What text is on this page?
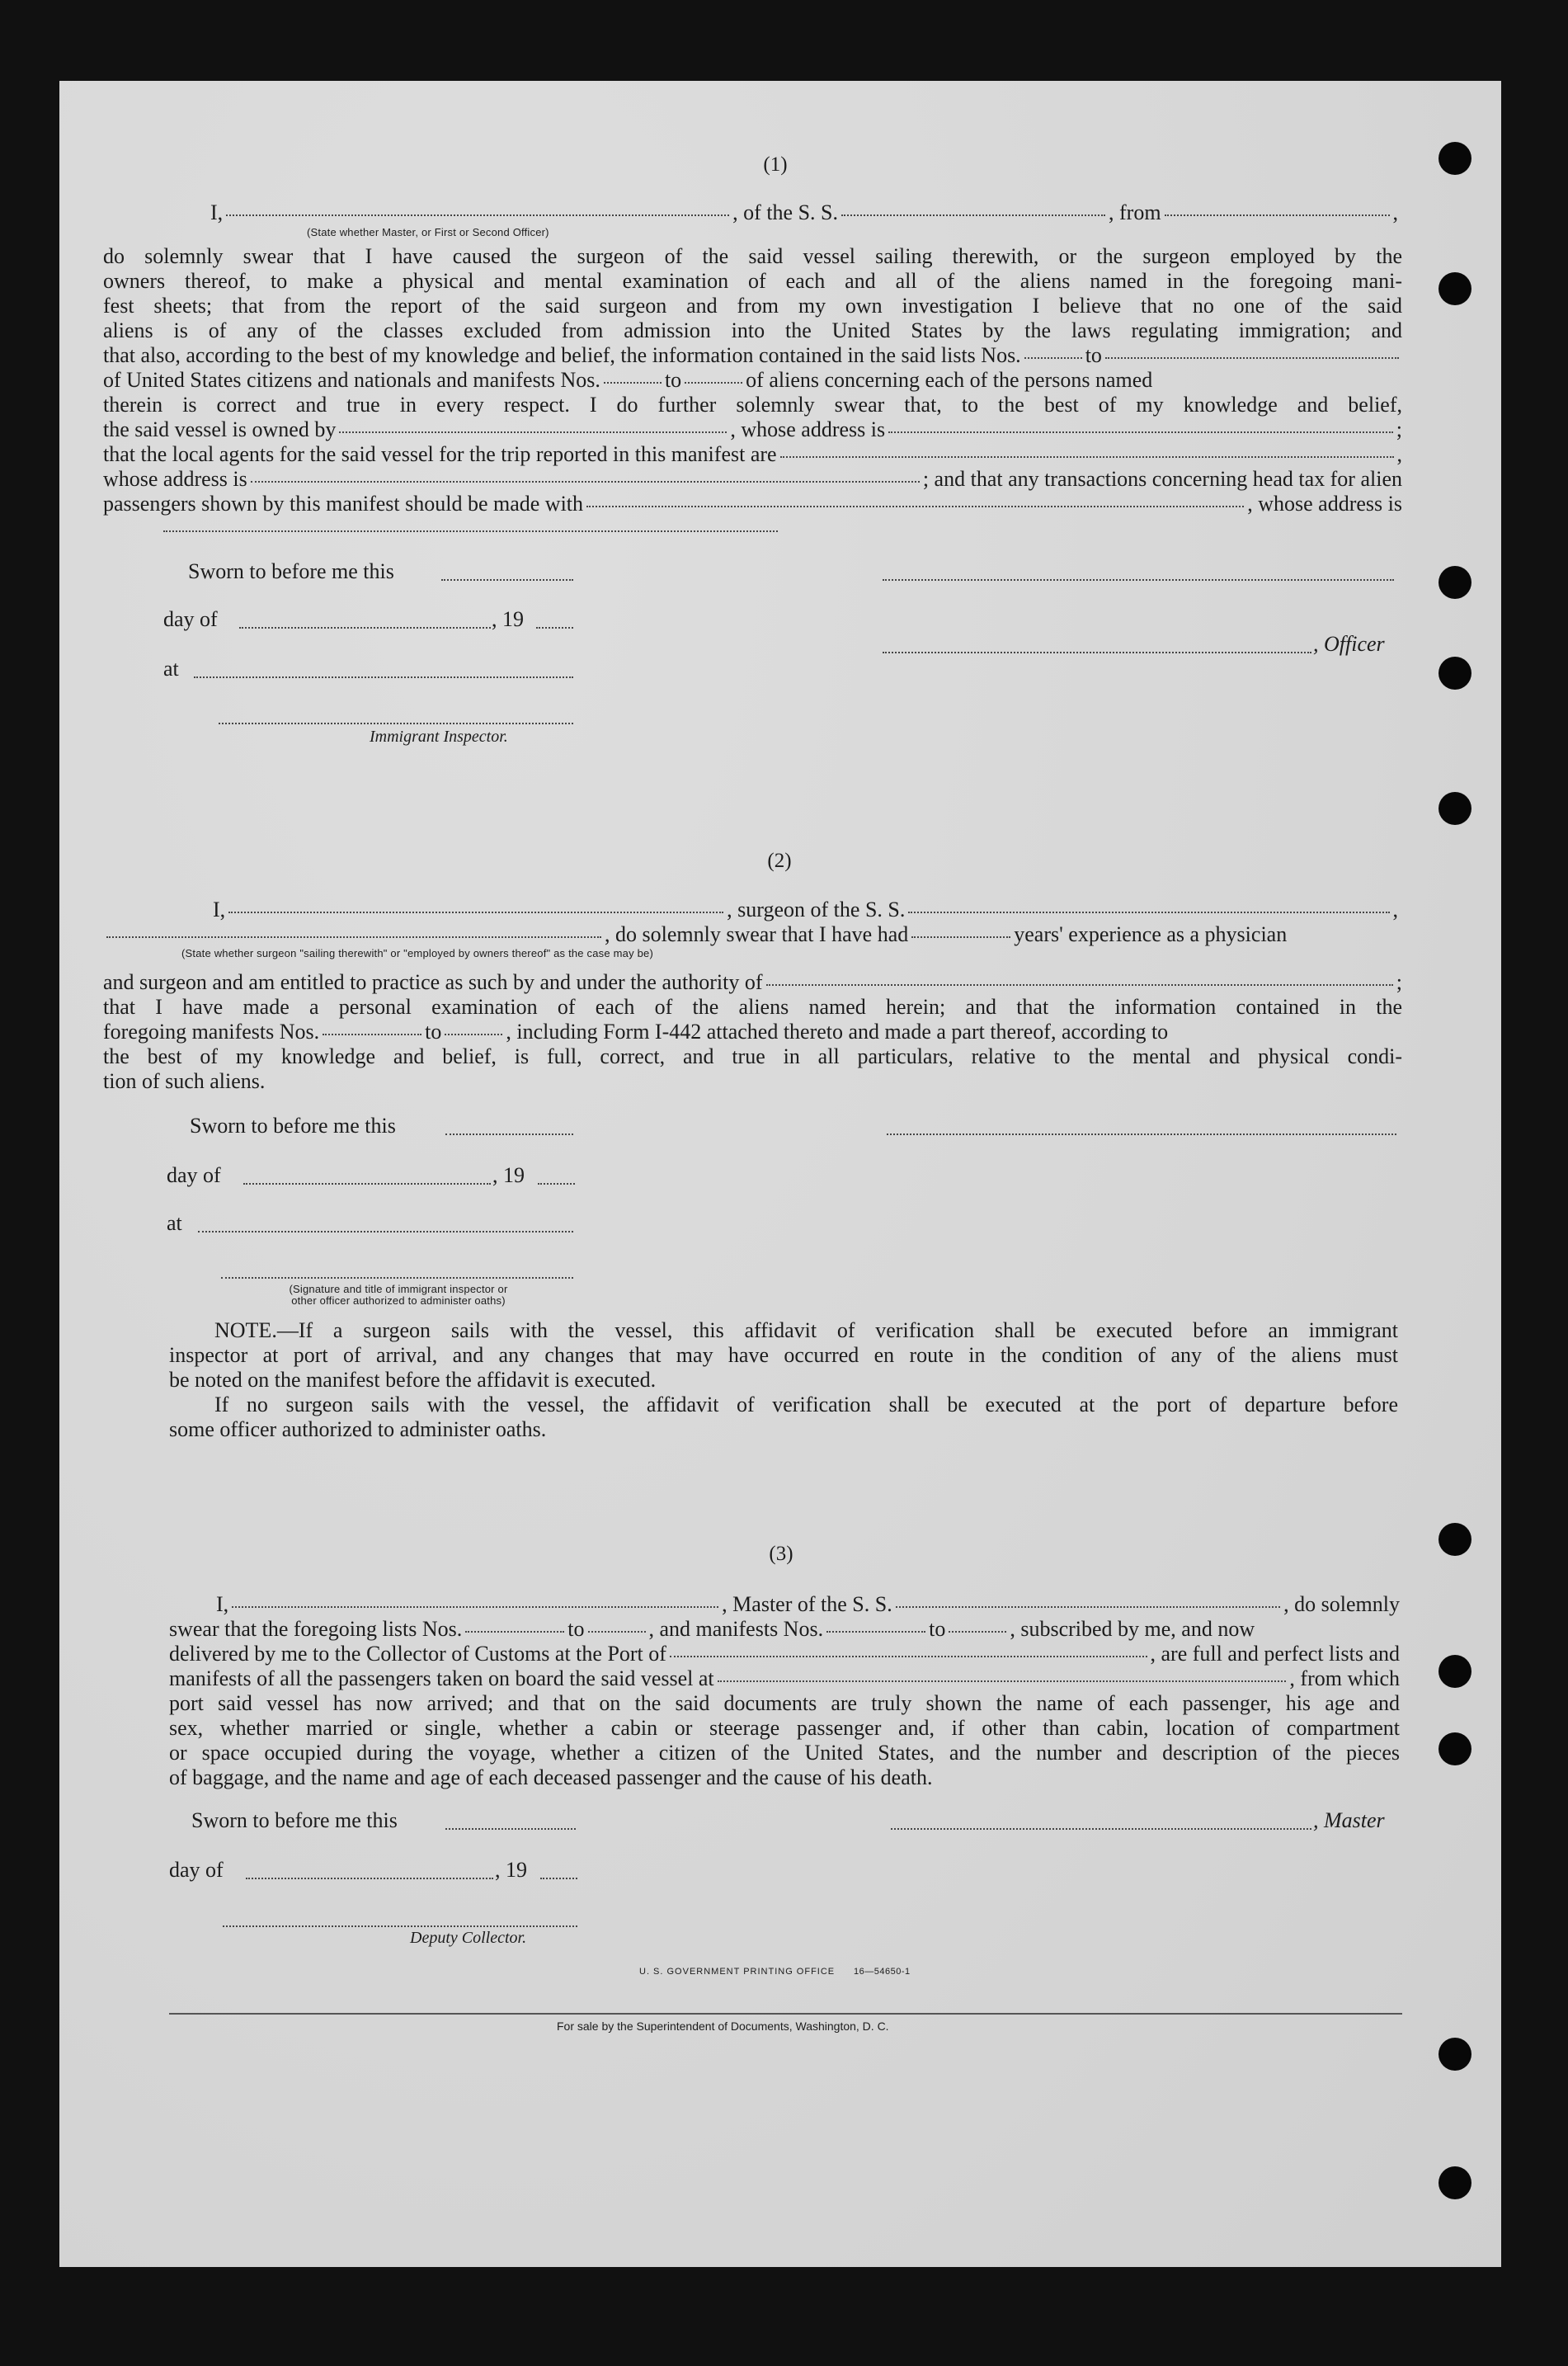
(1)
I,	, of the S. S.	, from	,
(State whether Master, or First or Second Officer)

do solemnly swear that I have caused the surgeon of the said vessel sailing therewith, or the surgeon employed by the

owners thereof, to make a physical and mental examination of each and all of the aliens named in the foregoing mani-

fest sheets; that from the report of the said surgeon and from my own investigation I believe that no one of the said

aliens is of any of the classes excluded from admission into the United States by the laws regulating immigration; and

that also, according to the best of my knowledge and belief, the information contained in the said lists Nos.	to
of United States citizens and nationals and manifests Nos.	to	of aliens concerning each of the persons named

therein is correct and true in every respect. I do further solemnly swear that, to the best of my knowledge and belief,

the said vessel is owned by	, whose address is	;
that the local agents for the said vessel for the trip reported in this manifest are	,
whose address is	; and that any transactions concerning head tax for alien
passengers shown by this manifest should be made with	, whose address is
Sworn to before me this
day of	, 19
, Officer
at
Immigrant Inspector.
(2)
I,	, surgeon of the S. S.	,
, do solemnly swear that I have had	years' experience as a physician
(State whether surgeon "sailing therewith" or "employed by owners thereof" as the case may be)
and surgeon and am entitled to practice as such by and under the authority of	;

that I have made a personal examination of each of the aliens named herein; and that the information contained in the

foregoing manifests Nos.	to	, including Form I-442 attached thereto and made a part thereof, according to

the best of my knowledge and belief, is full, correct, and true in all particulars, relative to the mental and physical condi-

tion of such aliens.
Sworn to before me this
day of	, 19
at
(Signature and title of immigrant inspector or
other officer authorized to administer oaths)

NOTE.—If a surgeon sails with the vessel, this affidavit of verification shall be executed before an immigrant

inspector at port of arrival, and any changes that may have occurred en route in the condition of any of the aliens must

be noted on the manifest before the affidavit is executed.

If no surgeon sails with the vessel, the affidavit of verification shall be executed at the port of departure before

some officer authorized to administer oaths.

(3)
I,	, Master of the S. S.	, do solemnly
swear that the foregoing lists Nos.	to	, and manifests Nos.	to	, subscribed by me, and now
delivered by me to the Collector of Customs at the Port of	, are full and perfect lists and
manifests of all the passengers taken on board the said vessel at	, from which

port said vessel has now arrived; and that on the said documents are truly shown the name of each passenger, his age and

sex, whether married or single, whether a cabin or steerage passenger and, if other than cabin, location of compartment

or space occupied during the voyage, whether a citizen of the United States, and the number and description of the pieces

of baggage, and the name and age of each deceased passenger and the cause of his death.

Sworn to before me this	, Master
day of	, 19
Deputy Collector.
U. S. GOVERNMENT PRINTING OFFICE 16—54650-1
For sale by the Superintendent of Documents, Washington, D. C.
